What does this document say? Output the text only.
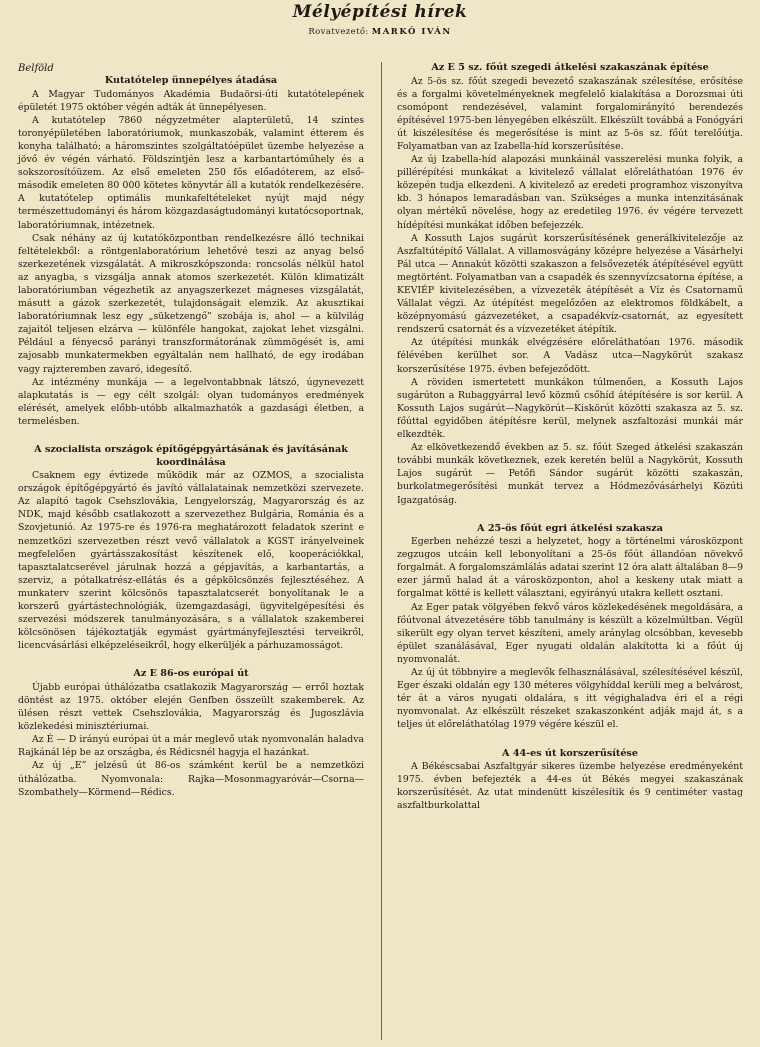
Mélyépítési hírek
Rovatvezető: MARKÓ IVÁN

Belföld

Kutatótelep ünnepélyes átadása

A Magyar Tudományos Akadémia Budaörsi-úti kutatótelepének épületét 1975 október végén adták át ünnepélyesen.

A kutatótelep 7860 négyzetméter alapterületű, 14 szintes toronyépületében laboratóriumok, munkaszobák, valamint étterem és konyha található; a háromszintes szolgáltatóépület üzembe helyezése a jövő év végén várható. Földszintjén lesz a karbantartóműhely és a sokszorosítóüzem. Az első emeleten 250 fős előadóterem, az első-második emeleten 80 000 kötetes könyvtár áll a kutatók rendelkezésére. A kutatótelep optimális munkafeltételeket nyújt majd négy természettudományi és három közgazdaságtudományi kutatócsoportnak, laboratóriumnak, intézetnek.

Csak néhány az új kutatóközpontban rendelkezésre álló technikai feltételekből: a röntgenlaboratórium lehetővé teszi az anyag belső szerkezetének vizsgálatát. A mikroszkópszonda: roncsolás nélkül hatol az anyagba, s vizsgálja annak atomos szerkezetét. Külön klimatizált laboratóriumban végezhetik az anyagszerkezet mágneses vizsgálatát, másutt a gázok szerkezetét, tulajdonságait elemzik. Az akusztikai laboratóriumnak lesz egy „süketzengő” szobája is, ahol — a külvilág zajaitól teljesen elzárva — különféle hangokat, zajokat lehet vizsgálni. Például a fényecső parányi transzformátorának zümmögését is, ami zajosabb munkatermekben egyáltalán nem hallható, de egy irodában vagy rajzteremben zavaró, idegesítő.

Az intézmény munkája — a legelvontabbnak látszó, úgynevezett alapkutatás is — egy célt szolgál: olyan tudományos eredmények elérését, amelyek előbb-utóbb alkalmazhatók a gazdasági életben, a termelésben.

A szocialista országok építőgépgyártásának és javításának koordinálása

Csaknem egy évtizede működik már az OZMOS, a szocialista országok építőgépgyártó és javító vállalatainak nemzetközi szervezete. Az alapító tagok Csehszlovákia, Lengyelország, Magyarország és az NDK, majd később csatlakozott a szervezethez Bulgária, Románia és a Szovjetunió. Az 1975-re és 1976-ra meghatározott feladatok szerint e nemzetközi szervezetben részt vevő vállalatok a KGST irányelveinek megfelelően gyártásszakosítást készítenek elő, kooperációkkal, tapasztalatcserével járulnak hozzá a gépjavítás, a karbantartás, a szerviz, a pótalkatrész-ellátás és a gépkölcsönzés fejlesztéséhez. A munkaterv szerint kölcsönös tapasztalatcserét bonyolítanak le a korszerű gyártástechnológiák, üzemgazdasági, ügyvitelgépesítési és szervezési módszerek tanulmányozására, s a vállalatok szakemberei kölcsönösen tájékoztatják egymást gyártmányfejlesztési terveikről, licencvásárlási elképzeléseikről, hogy elkerüljék a párhuzamosságot.

Az E 86-os európai út

Újabb európai úthálózatba csatlakozik Magyarország — erről hoztak döntést az 1975. október elején Genfben összeült szakemberek. Az ülésen részt vettek Csehszlovákia, Magyarország és Jugoszlávia közlekedési minisztériumai.

Az É — D irányú európai út a már meglevő utak nyomvonalán haladva Rajkánál lép be az országba, és Rédicsnél hagyja el hazánkat.

Az új „E” jelzésű út 86-os számként kerül be a nemzetközi úthálózatba. Nyomvonala: Rajka—Mosonmagyaróvár—Csorna—Szombathely—Körmend—Rédics.

Az E 5 sz. főút szegedi átkelési szakaszának építése

Az 5-ös sz. főút szegedi bevezető szakaszának szélesítése, erősítése és a forgalmi követelményeknek megfelelő kialakítása a Dorozsmai úti csomópont rendezésével, valamint forgalomirányító berendezés építésével 1975-ben lényegében elkészült. Elkészült továbbá a Fonógyári út kiszélesítése és megerősítése is mint az 5-ös sz. főút terelőútja. Folyamatban van az Izabella-híd korszerűsítése.

Az új Izabella-híd alapozási munkáinál vasszerelési munka folyik, a pillérépítési munkákat a kivitelező vállalat előreláthatóan 1976 év közepén tudja elkezdeni. A kivitelező az eredeti programhoz viszonyítva kb. 3 hónapos lemaradásban van. Szükséges a munka intenzitásának olyan mértékű növelése, hogy az eredetileg 1976. év végére tervezett hídépítési munkákat időben befejezzék.

A Kossuth Lajos sugárút korszerűsítésének generálkivitelezője az Aszfaltútépítő Vállalat. A villamosvágány középre helyezése a Vásárhelyi Pál utca — Annakút közötti szakaszon a felsővezeték átépítésével együtt megtörtént. Folyamatban van a csapadék és szennyvízcsatorna építése, a KEVIÉP kivitelezésében, a vízvezeték átépítését a Víz és Csatornamű Vállalat végzi. Az útépítést megelőzően az elektromos földkábelt, a középnyomású gázvezetéket, a csapadékvíz-csatornát, az egyesített rendszerű csatornát és a vízvezetéket átépítik.

Az útépítési munkák elvégzésére előreláthatóan 1976. második félévében kerülhet sor. A Vadász utca—Nagykörút szakasz korszerűsítése 1975. évben befejeződött.

A röviden ismertetett munkákon túlmenően, a Kossuth Lajos sugárúton a Rubaggyárral levő közmű csőhíd átépítésére is sor kerül. A Kossuth Lajos sugárút—Nagykörút—Kiskörút közötti szakasza az 5. sz. főúttal egyidőben átépítésre kerül, melynek aszfaltozási munkái már elkezdték.

Az elkövetkezendő években az 5. sz. főút Szeged átkelési szakaszán további munkák következnek, ezek keretén belül a Nagykörút, Kossuth Lajos sugárút — Petőfi Sándor sugárút közötti szakaszán, burkolatmegerősítési munkát tervez a Hódmezővásárhelyi Közúti Igazgatóság.

A 25-ös főút egri átkelési szakasza

Egerben nehézzé teszi a helyzetet, hogy a történelmi városközpont zegzugos utcáin kell lebonyolítani a 25-ös főút állandóan növekvő forgalmát. A forgalomszámlálás adatai szerint 12 óra alatt általában 8—9 ezer jármű halad át a városközponton, ahol a keskeny utak miatt a forgalmat kötté is kellett választani, egyirányú utakra kellett osztani.

Az Eger patak völgyében fekvő város közlekedésének megoldására, a főútvonal átvezetésére több tanulmány is készült a közelmúltban. Végül sikerült egy olyan tervet készíteni, amely aránylag olcsóbban, kevesebb épület szanálásával, Eger nyugati oldalán alakította ki a főút új nyomvonalát.

Az új út többnyire a meglevők felhasználásával, szélesítésével készül, Eger északi oldalán egy 130 méteres völgyhíddal kerüli meg a belvárost, tér át a város nyugati oldalára, s itt végighaladva éri el a régi nyomvonalat. Az elkészült részeket szakaszonként adják majd át, s a teljes út előreláthatólag 1979 végére készül el.

A 44-es út korszerűsítése

A Békéscsabai Aszfaltgyár sikeres üzembe helyezése eredményeként 1975. évben befejezték a 44-es út Békés megyei szakaszának korszerűsítését. Az utat mindenütt kiszélesítik és 9 centiméter vastag aszfaltburkolattal
